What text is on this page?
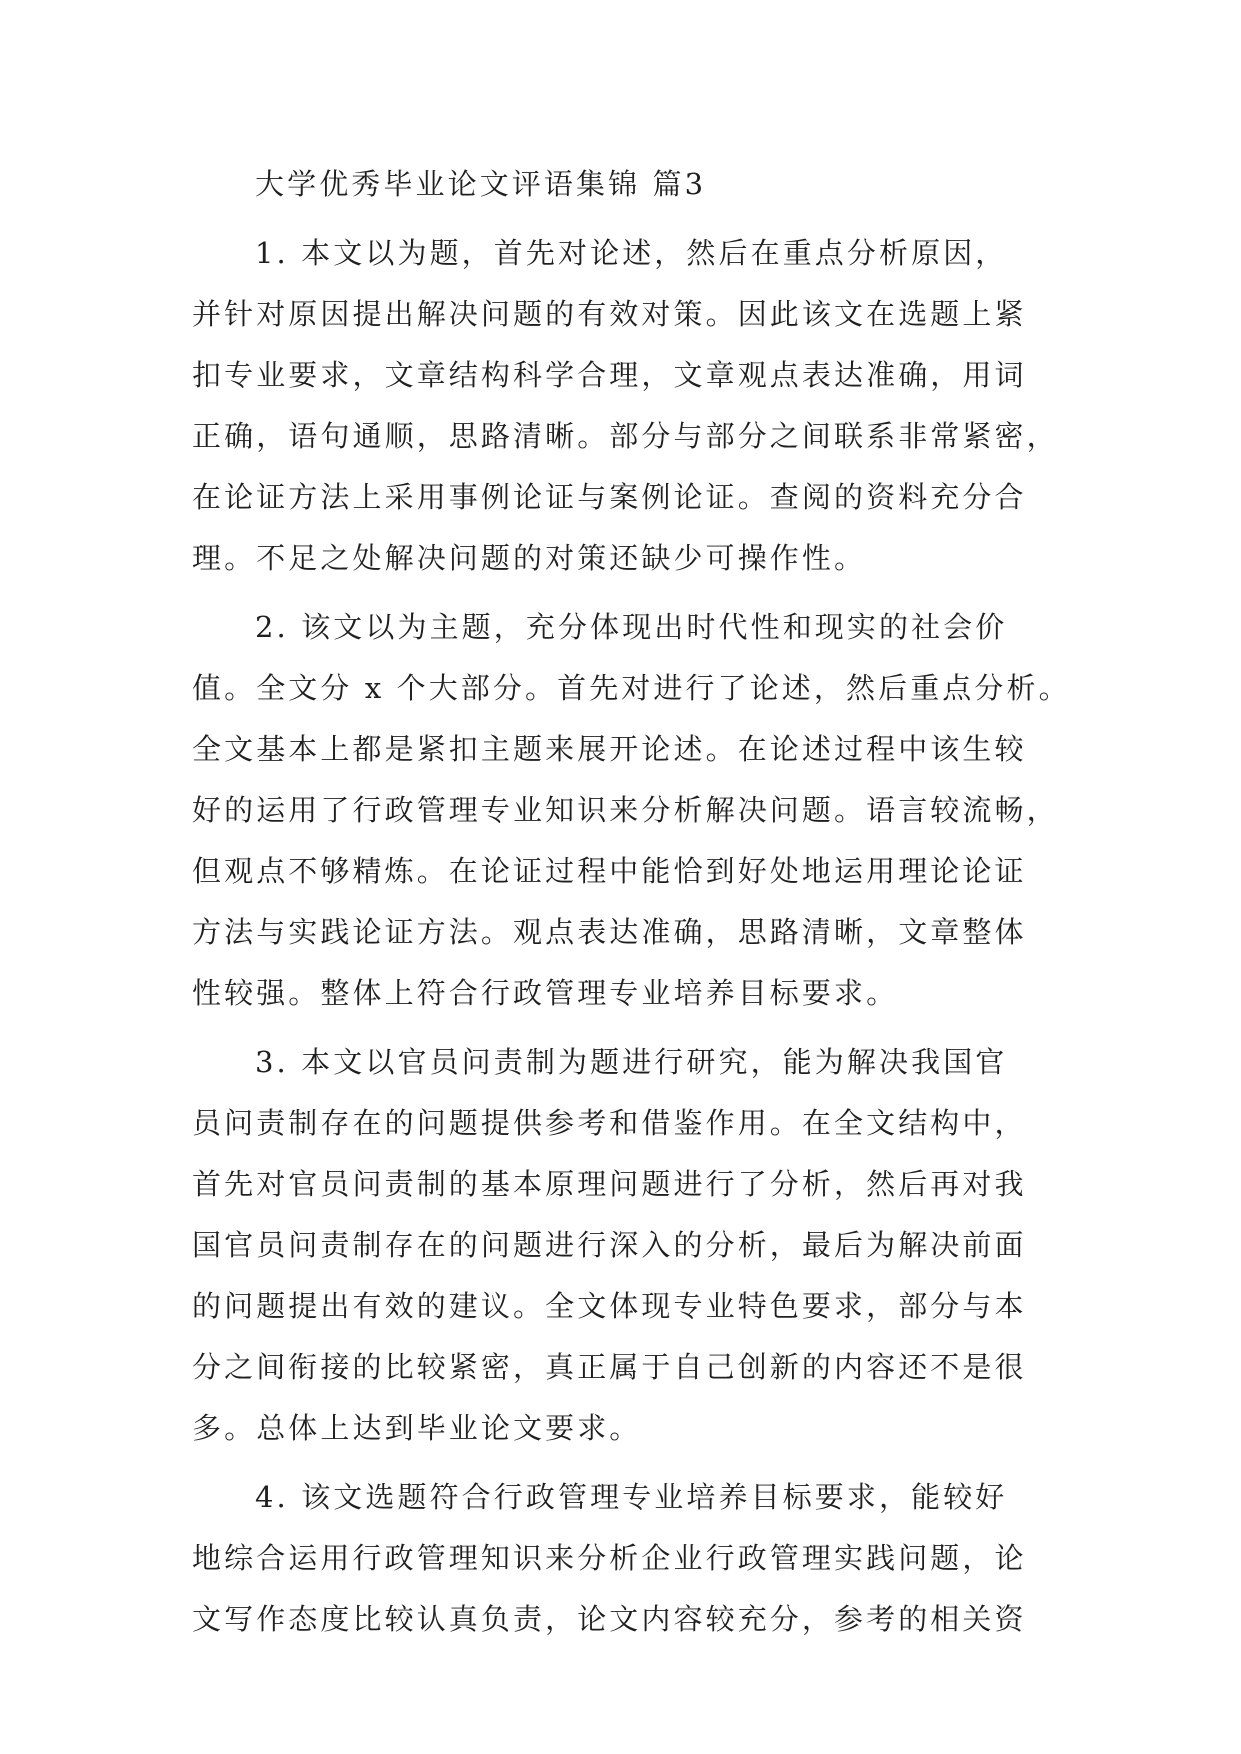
大学优秀毕业论文评语集锦 篇3

1. 本文以为题，首先对论述，然后在重点分析原因，
并针对原因提出解决问题的有效对策。因此该文在选题上紧
扣专业要求，文章结构科学合理，文章观点表达准确，用词
正确，语句通顺，思路清晰。部分与部分之间联系非常紧密，
在论证方法上采用事例论证与案例论证。查阅的资料充分合
理。不足之处解决问题的对策还缺少可操作性。

2. 该文以为主题，充分体现出时代性和现实的社会价
值。全文分 x 个大部分。首先对进行了论述，然后重点分析。
全文基本上都是紧扣主题来展开论述。在论述过程中该生较
好的运用了行政管理专业知识来分析解决问题。语言较流畅，
但观点不够精炼。在论证过程中能恰到好处地运用理论论证
方法与实践论证方法。观点表达准确，思路清晰，文章整体
性较强。整体上符合行政管理专业培养目标要求。

3. 本文以官员问责制为题进行研究，能为解决我国官
员问责制存在的问题提供参考和借鉴作用。在全文结构中，
首先对官员问责制的基本原理问题进行了分析，然后再对我
国官员问责制存在的问题进行深入的分析，最后为解决前面
的问题提出有效的建议。全文体现专业特色要求，部分与本
分之间衔接的比较紧密，真正属于自己创新的内容还不是很
多。总体上达到毕业论文要求。

4. 该文选题符合行政管理专业培养目标要求，能较好
地综合运用行政管理知识来分析企业行政管理实践问题，论
文写作态度比较认真负责，论文内容较充分，参考的相关资
